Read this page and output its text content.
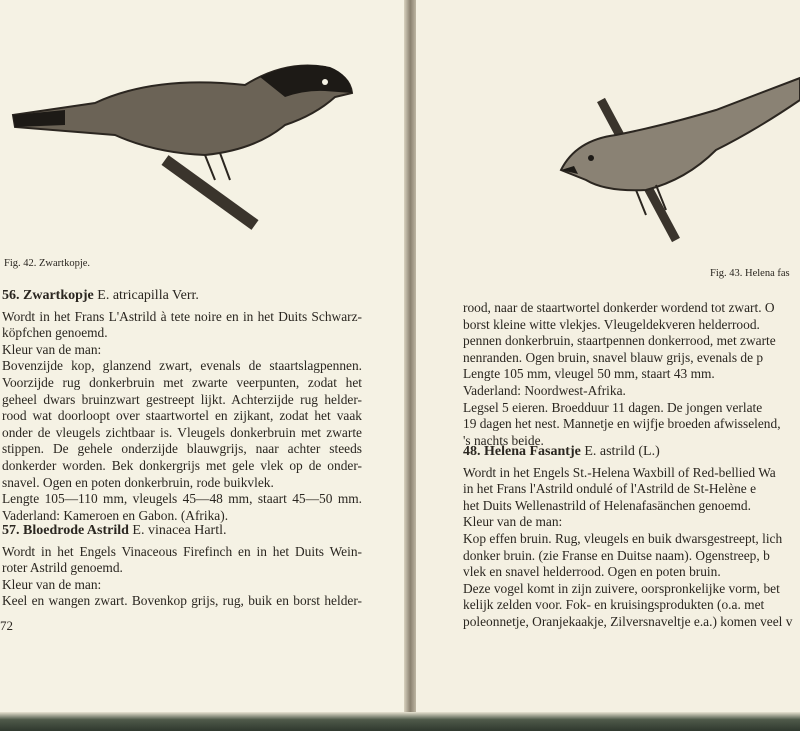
Fig. 42. Zwartkopje.
56. Zwartkopje E. atricapilla Verr.
Wordt in het Frans L'Astrild à tete noire en in het Duits Schwarz-
köpfchen genoemd.
Kleur van de man:
Bovenzijde kop, glanzend zwart, evenals de staartslagpennen.
Voorzijde rug donkerbruin met zwarte veerpunten, zodat het
geheel dwars bruinzwart gestreept lijkt. Achterzijde rug helder-
rood wat doorloopt over staartwortel en zijkant, zodat het vaak
onder de vleugels zichtbaar is. Vleugels donkerbruin met zwarte
stippen. De gehele onderzijde blauwgrijs, naar achter steeds
donkerder worden. Bek donkergrijs met gele vlek op de onder-
snavel. Ogen en poten donkerbruin, rode buikvlek.
Lengte 105—110 mm, vleugels 45—48 mm, staart 45—50 mm.
Vaderland: Kameroen en Gabon. (Afrika).
57. Bloedrode Astrild E. vinacea Hartl.
Wordt in het Engels Vinaceous Firefinch en in het Duits Wein-
roter Astrild genoemd.
Kleur van de man:
Keel en wangen zwart. Bovenkop grijs, rug, buik en borst helder-
72
Fig. 43. Helena fas
rood, naar de staartwortel donkerder wordend tot zwart. O
borst kleine witte vlekjes. Vleugeldekveren helderrood.
pennen donkerbruin, staartpennen donkerrood, met zwarte
nenranden. Ogen bruin, snavel blauw grijs, evenals de p
Lengte 105 mm, vleugel 50 mm, staart 43 mm.
Vaderland: Noordwest-Afrika.
Legsel 5 eieren. Broedduur 11 dagen. De jongen verlate
19 dagen het nest. Mannetje en wijfje broeden afwisselend,
's nachts beide.
48. Helena Fasantje E. astrild (L.)
Wordt in het Engels St.-Helena Waxbill of Red-bellied Wa
in het Frans l'Astrild ondulé of l'Astrild de St-Helène e
het Duits Wellenastrild of Helenafasänchen genoemd.
Kleur van de man:
Kop effen bruin. Rug, vleugels en buik dwarsgestreept, lich
donker bruin. (zie Franse en Duitse naam). Ogenstreep, b
vlek en snavel helderrood. Ogen en poten bruin.
Deze vogel komt in zijn zuivere, oorspronkelijke vorm, bet
kelijk zelden voor. Fok- en kruisingsprodukten (o.a. met
poleonnetje, Oranjekaakje, Zilversnaveltje e.a.) komen veel v
